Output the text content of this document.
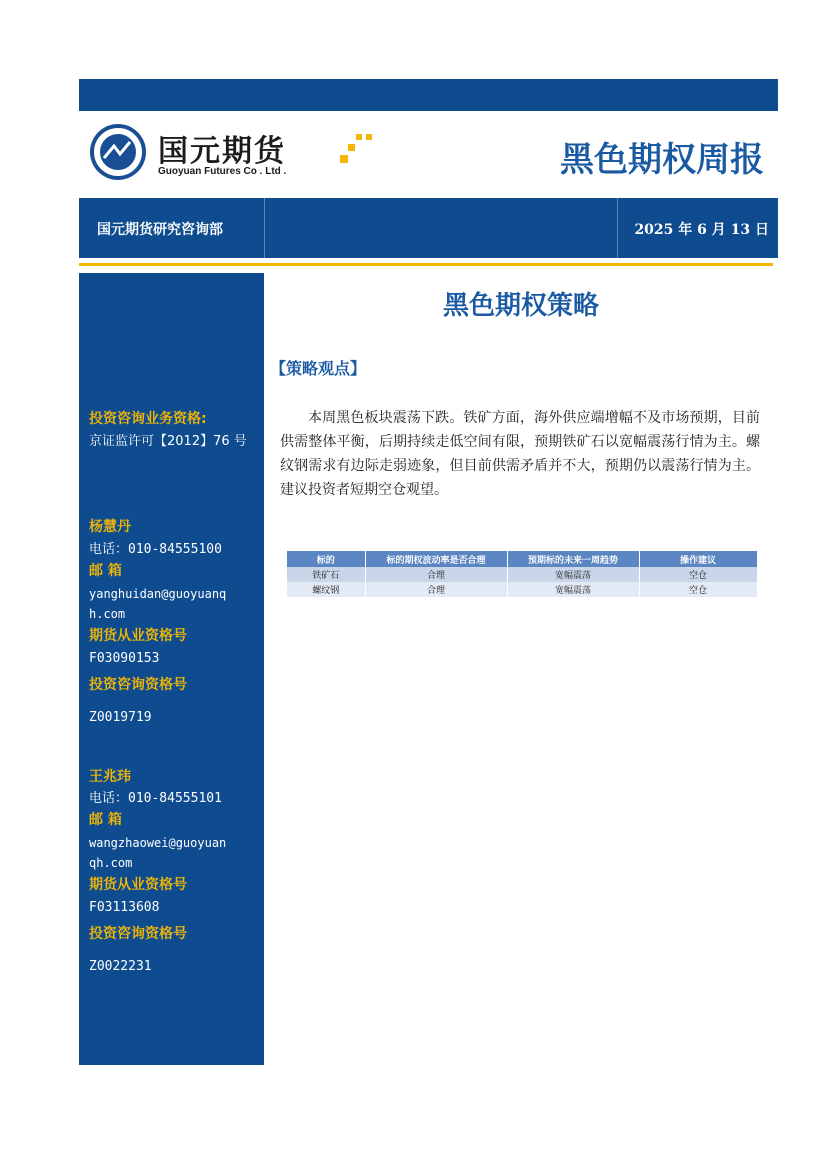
国元期货
Guoyuan Futures Co . Ltd .	黑色期权周报
国元期货研究咨询部	2025 年 6 月 13 日
投资咨询业务资格:
京证监许可【2012】76 号
杨慧丹
电话：010-84555100
邮 箱
yanghuidan@guoyuanq
h.com
期货从业资格号
F03090153
投资咨询资格号
Z0019719
王兆玮
电话：010-84555101
邮 箱
wangzhaowei@guoyuan
qh.com
期货从业资格号
F03113608
投资咨询资格号
Z0022231
黑色期权策略
【策略观点】
本周黑色板块震荡下跌。铁矿方面，海外供应端增幅不及市场预期，目前供需整体平衡，后期持续走低空间有限，预期铁矿石以宽幅震荡行情为主。螺纹钢需求有边际走弱迹象，但目前供需矛盾并不大，预期仍以震荡行情为主。建议投资者短期空仓观望。
标的	标的期权波动率是否合理	预期标的未来一周趋势	操作建议
铁矿石	合理	宽幅震荡	空仓
螺纹钢	合理	宽幅震荡	空仓
